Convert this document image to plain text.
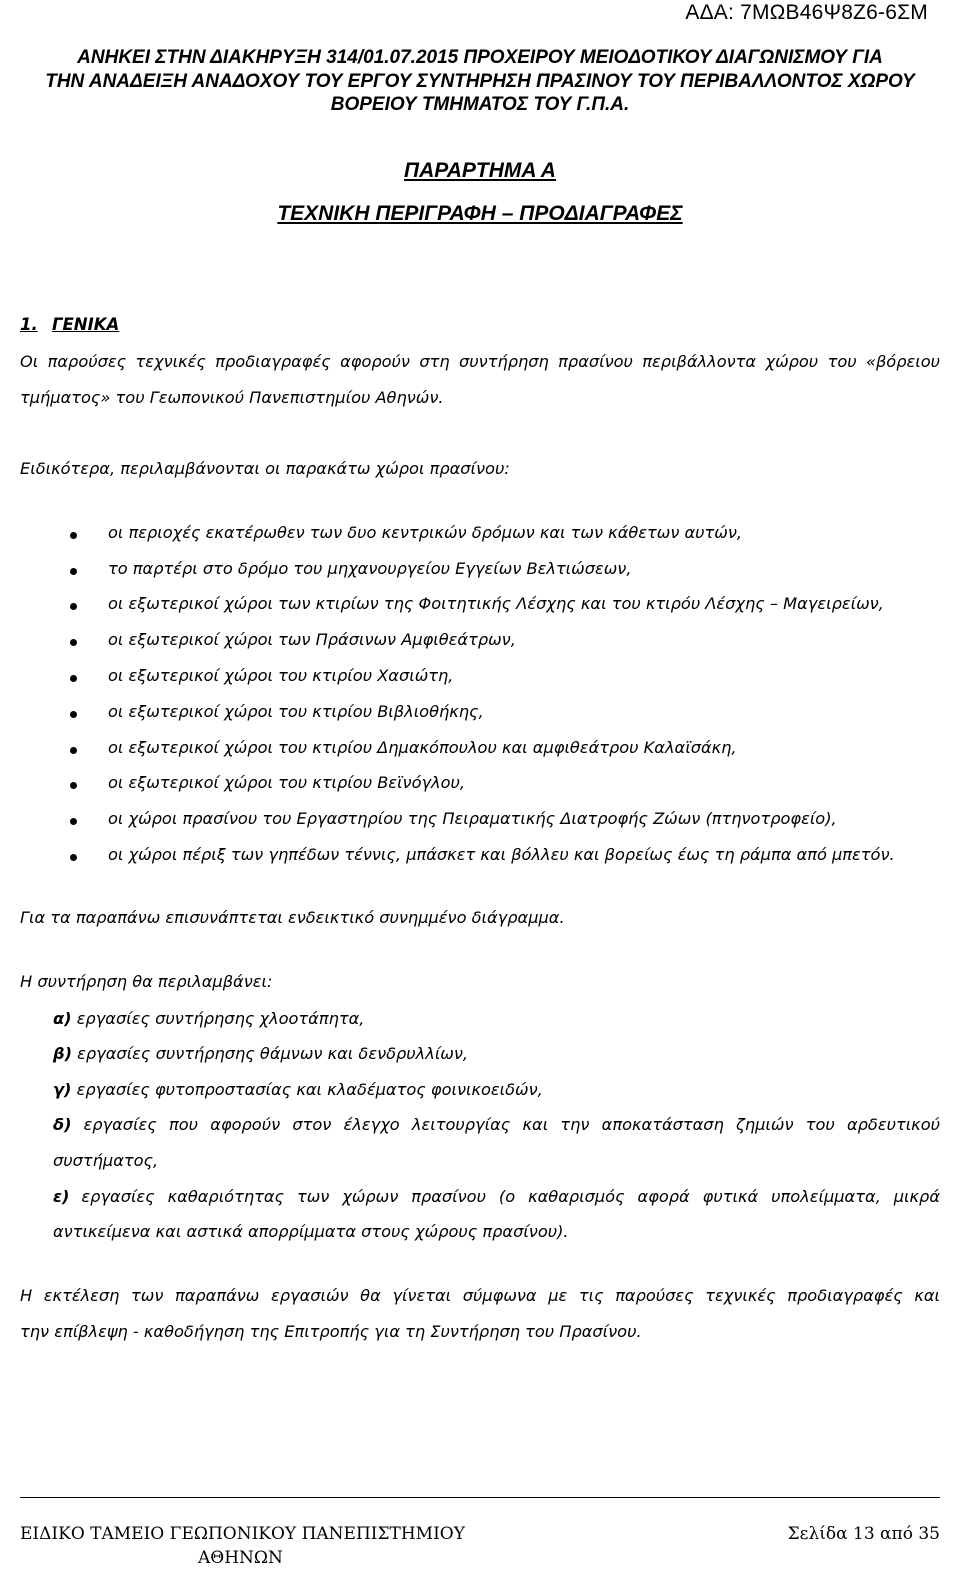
ΑΔΑ: 7ΜΩΒ46Ψ8Ζ6-6ΣΜ
ΑΝΗΚΕΙ ΣΤΗΝ ΔΙΑΚΗΡΥΞΗ 314/01.07.2015 ΠΡΟΧΕΙΡΟΥ ΜΕΙΟΔΟΤΙΚΟΥ ΔΙΑΓΩΝΙΣΜΟΥ ΓΙΑ
ΤΗΝ ΑΝΑΔΕΙΞΗ ΑΝΑΔΟΧΟΥ ΤΟΥ ΕΡΓΟΥ ΣΥΝΤΗΡΗΣΗ ΠΡΑΣΙΝΟΥ ΤΟΥ ΠΕΡΙΒΑΛΛΟΝΤΟΣ ΧΩΡΟΥ
ΒΟΡΕΙΟΥ ΤΜΗΜΑΤΟΣ ΤΟΥ Γ.Π.Α.
ΠΑΡΑΡΤΗΜΑ Α
ΤΕΧΝΙΚΗ ΠΕΡΙΓΡΑΦΗ – ΠΡΟΔΙΑΓΡΑΦΕΣ
1. ΓΕΝΙΚΑ
Οι παρούσες τεχνικές προδιαγραφές αφορούν στη συντήρηση πρασίνου περιβάλλοντα χώρου του «βόρειου
τμήματος» του Γεωπονικού Πανεπιστημίου Αθηνών.
Ειδικότερα, περιλαμβάνονται οι παρακάτω χώροι πρασίνου:
οι περιοχές εκατέρωθεν των δυο κεντρικών δρόμων και των κάθετων αυτών,
το παρτέρι στο δρόμο του μηχανουργείου Εγγείων Βελτιώσεων,
οι εξωτερικοί χώροι των κτιρίων της Φοιτητικής Λέσχης και του κτιρόυ Λέσχης – Μαγειρείων,
οι εξωτερικοί χώροι των Πράσινων Αμφιθεάτρων,
οι εξωτερικοί χώροι του κτιρίου Χασιώτη,
οι εξωτερικοί χώροι του κτιρίου Βιβλιοθήκης,
οι εξωτερικοί χώροι του κτιρίου Δημακόπουλου και αμφιθεάτρου Καλαϊσάκη,
οι εξωτερικοί χώροι του κτιρίου Βεϊνόγλου,
οι χώροι πρασίνου του Εργαστηρίου της Πειραματικής Διατροφής Ζώων (πτηνοτροφείο),
οι χώροι πέριξ των γηπέδων τέννις, μπάσκετ και βόλλευ και βορείως έως τη ράμπα από μπετόν.
Για τα παραπάνω επισυνάπτεται ενδεικτικό συνημμένο διάγραμμα.
Η συντήρηση θα περιλαμβάνει:
α) εργασίες συντήρησης χλοοτάπητα,
β) εργασίες συντήρησης θάμνων και δενδρυλλίων,
γ) εργασίες φυτοπροστασίας και κλαδέματος φοινικοειδών,
δ) εργασίες που αφορούν στον έλεγχο λειτουργίας και την αποκατάσταση ζημιών του αρδευτικού
συστήματος,
ε) εργασίες καθαριότητας των χώρων πρασίνου (ο καθαρισμός αφορά φυτικά υπολείμματα, μικρά
αντικείμενα και αστικά απορρίμματα στους χώρους πρασίνου).
Η εκτέλεση των παραπάνω εργασιών θα γίνεται σύμφωνα με τις παρούσες τεχνικές προδιαγραφές και
την επίβλεψη - καθοδήγηση της Επιτροπής για τη Συντήρηση του Πρασίνου.
ΕΙΔΙΚΟ ΤΑΜΕΙΟ ΓΕΩΠΟΝΙΚΟΥ ΠΑΝΕΠΙΣΤΗΜΙΟΥ
ΑΘΗΝΩΝ
Σελίδα 13 από 35
